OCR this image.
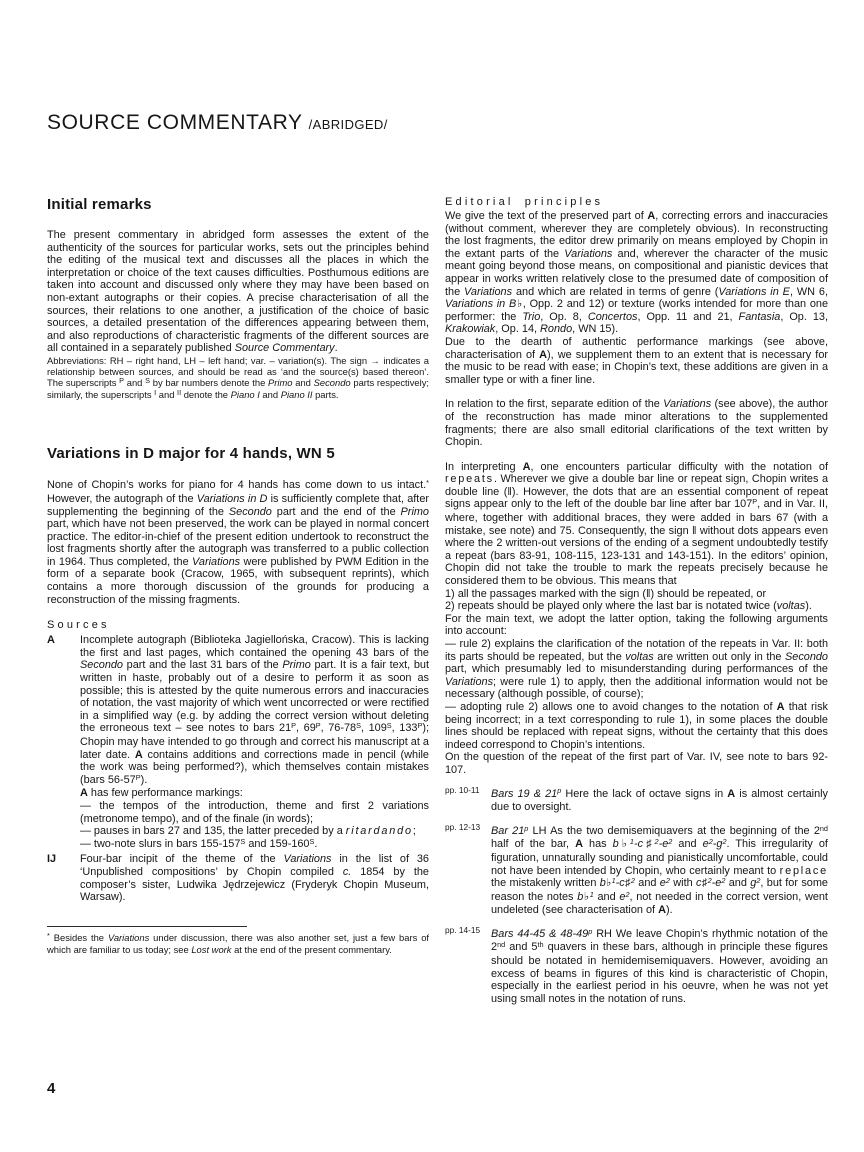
SOURCE COMMENTARY /ABRIDGED/
Initial remarks

The present commentary in abridged form assesses the extent of the authenticity of the sources for particular works, sets out the principles behind the editing of the musical text and discusses all the places in which the interpretation or choice of the text causes difficulties. Posthumous editions are taken into account and discussed only where they may have been based on non-extant autographs or their copies. A precise characterisation of all the sources, their relations to one another, a justification of the choice of basic sources, a detailed presentation of the differences appearing between them, and also reproductions of characteristic fragments of the different sources are all contained in a separately published Source Commentary.

Abbreviations: RH – right hand, LH – left hand; var. – variation(s). The sign → indicates a relationship between sources, and should be read as ‘and the source(s) based thereon’. The superscripts $^P$ and $^S$ by bar numbers denote the Primo and Secondo parts respectively; similarly, the superscripts $^I$ and $^{II}$ denote the Piano I and Piano II parts.

Variations in D major for 4 hands, WN 5

None of Chopin’s works for piano for 4 hands has come down to us intact.* However, the autograph of the Variations in D is sufficiently complete that, after supplementing the beginning of the Secondo part and the end of the Primo part, which have not been preserved, the work can be played in normal concert practice. The editor-in-chief of the present edition undertook to reconstruct the lost fragments shortly after the autograph was transferred to a public collection in 1964. Thus completed, the Variations were published by PWM Edition in the form of a separate book (Cracow, 1965, with subsequent reprints), which contains a more thorough discussion of the grounds for producing a reconstruction of the missing fragments.

Sources
A Incomplete autograph (Biblioteka Jagiellońska, Cracow). This is lacking the first and last pages, which contained the opening 43 bars of the Secondo part and the last 31 bars of the Primo part. It is a fair text, but written in haste, probably out of a desire to perform it as soon as possible; this is attested by the quite numerous errors and inaccuracies of notation, the vast majority of which went uncorrected or were rectified in a simplified way (e.g. by adding the correct version without deleting the erroneous text – see notes to bars $21^P$, $69^P$, $76-78^S$, $109^S$, $133^P$); Chopin may have intended to go through and correct his manuscript at a later date. A contains additions and corrections made in pencil (while the work was being performed?), which themselves contain mistakes (bars $56-57^P$).

A has few performance markings:

— the tempos of the introduction, theme and first 2 variations (metronome tempo), and of the finale (in words);

— pauses in bars 27 and 135, the latter preceded by a ritardando;

— two-note slurs in bars $155-157^S$ and $159-160^S$.

IJ Four-bar incipit of the theme of the Variations in the list of 36 ‘Unpublished compositions’ by Chopin compiled c. 1854 by the composer’s sister, Ludwika Jędrzejewicz (Fryderyk Chopin Museum, Warsaw).

* Besides the Variations under discussion, there was also another set, just a few bars of which are familiar to us today; see Lost work at the end of the present commentary.

Editorial principles

We give the text of the preserved part of A, correcting errors and inaccuracies (without comment, wherever they are completely obvious). In reconstructing the lost fragments, the editor drew primarily on means employed by Chopin in the extant parts of the Variations and, wherever the character of the music meant going beyond those means, on compositional and pianistic devices that appear in works written relatively close to the presumed date of composition of the Variations and which are related in terms of genre (Variations in E, WN 6, Variations in B♭, Opp. 2 and 12) or texture (works intended for more than one performer: the Trio, Op. 8, Concertos, Opp. 11 and 21, Fantasia, Op. 13, Krakowiak, Op. 14, Rondo, WN 15).

Due to the dearth of authentic performance markings (see above, characterisation of A), we supplement them to an extent that is necessary for the music to be read with ease; in Chopin’s text, these additions are given in a smaller type or with a finer line.

In relation to the first, separate edition of the Variations (see above), the author of the reconstruction has made minor alterations to the supplemented fragments; there are also small editorial clarifications of the text written by Chopin.

In interpreting A, one encounters particular difficulty with the notation of repeats. Wherever we give a double bar line or repeat sign, Chopin writes a double line (‖). However, the dots that are an essential component of repeat signs appear only to the left of the double bar line after bar $107^P$, and in Var. II, where, together with additional braces, they were added in bars 67 (with a mistake, see note) and 75. Consequently, the sign ‖ without dots appears even where the 2 written-out versions of the ending of a segment undoubtedly testify a repeat (bars 83-91, 108-115, 123-131 and 143-151). In the editors’ opinion, Chopin did not take the trouble to mark the repeats precisely because he considered them to be obvious. This means that

1) all the passages marked with the sign (‖) should be repeated, or

2) repeats should be played only where the last bar is notated twice (voltas).

For the main text, we adopt the latter option, taking the following arguments into account:

— rule 2) explains the clarification of the notation of the repeats in Var. II: both its parts should be repeated, but the voltas are written out only in the Secondo part, which presumably led to misunderstanding during performances of the Variations; were rule 1) to apply, then the additional information would not be necessary (although possible, of course);

— adopting rule 2) allows one to avoid changes to the notation of A that risk being incorrect; in a text corresponding to rule 1), in some places the double lines should be replaced with repeat signs, without the certainty that this does indeed correspond to Chopin’s intentions.

On the question of the repeat of the first part of Var. IV, see note to bars 92-107.

pp. 10-11 Bars 19 & 21$^p$ Here the lack of octave signs in A is almost certainly due to oversight.

pp. 12-13 Bar 21$^p$ LH As the two demisemiquavers at the beginning of the 2nd half of the bar, A has $b♭^1-c♯^2-e^2$ and $e^2-g^2$. This irregularity of figuration, unnaturally sounding and pianistically uncomfortable, could not have been intended by Chopin, who certainly meant to replace the mistakenly written b♭$^1$-c♯$^2$ and $e^2$ with $c♯^2-e^2$ and $g^2$, but for some reason the notes b♭$^1$ and $e^2$, not needed in the correct version, went undeleted (see characterisation of A).

pp. 14-15 Bars 44-45 & 48-49$^p$ RH We leave Chopin’s rhythmic notation of the 2nd and 5th quavers in these bars, although in principle these figures should be notated in hemidemisemiquavers. However, avoiding an excess of beams in figures of this kind is characteristic of Chopin, especially in the earliest period in his oeuvre, when he was not yet using small notes in the notation of runs.

4
